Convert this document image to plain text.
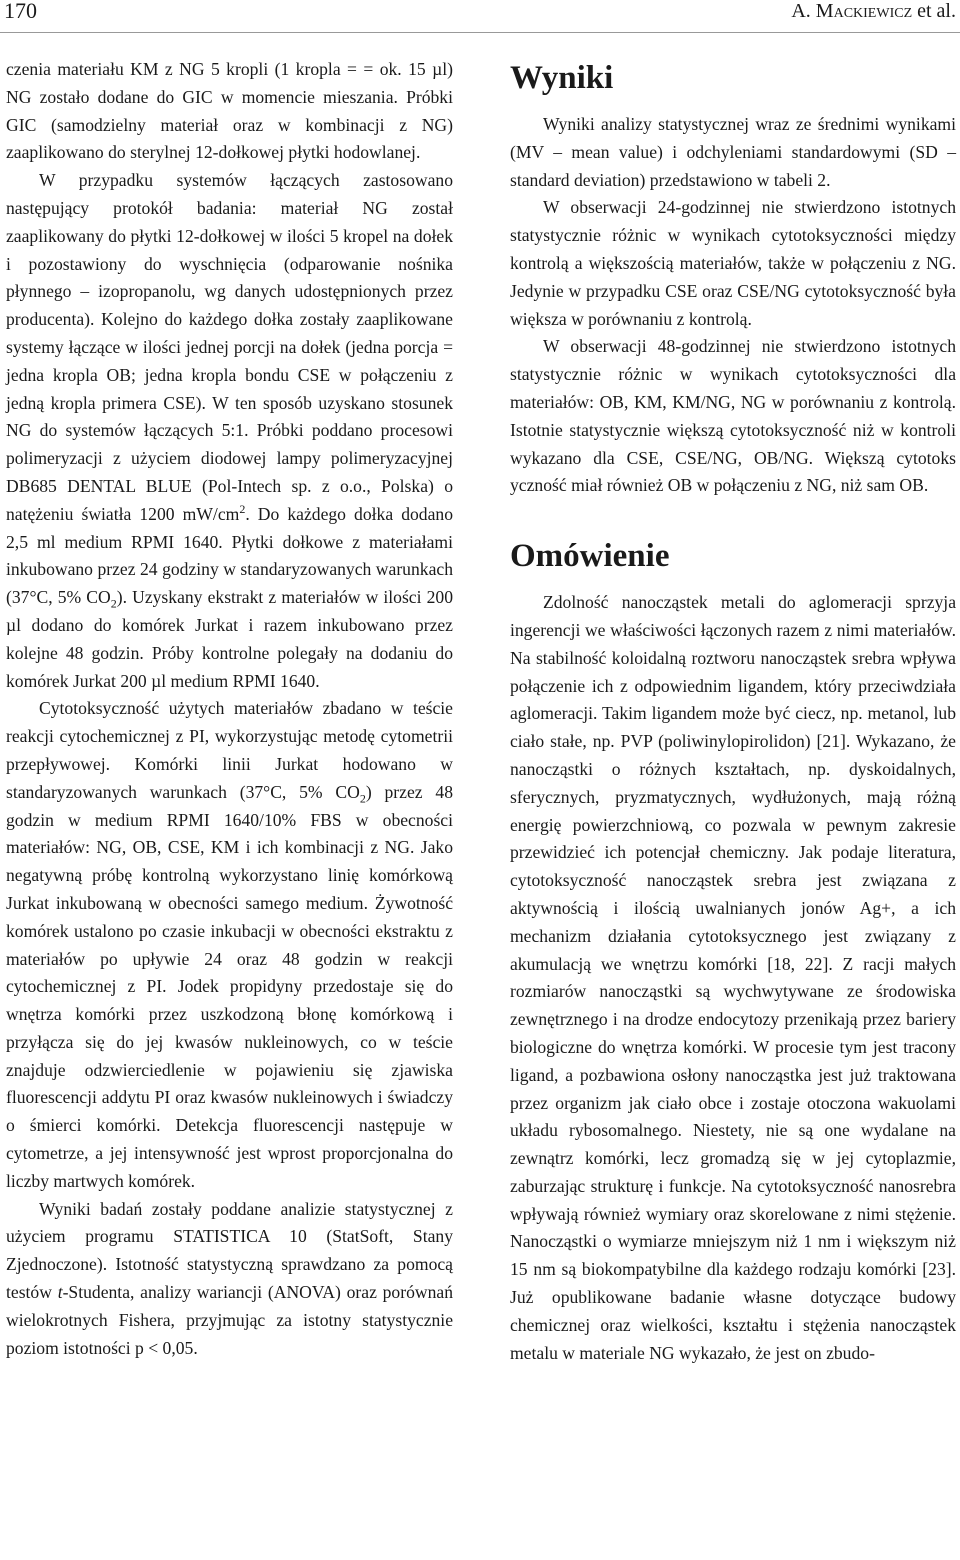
170	A. Mackiewicz et al.

czenia materiału KM z NG 5 kropli (1 kropla = = ok. 15 µl) NG zostało dodane do GIC w momencie mieszania. Próbki GIC (samodzielny materiał oraz w kombinacji z NG) zaaplikowano do sterylnej 12-dołkowej płytki hodowlanej.

W przypadku systemów łączących zastosowano następujący protokół badania: materiał NG został zaaplikowany do płytki 12-dołkowej w ilości 5 kropel na dołek i pozostawiony do wyschnięcia (odparowanie nośnika płynnego – izopropanolu, wg danych udostępnionych przez producenta). Kolejno do każdego dołka zostały zaaplikowane systemy łączące w ilości jednej porcji na dołek (jedna porcja = jedna kropla OB; jedna kropla bondu CSE w połączeniu z jedną kropla primera CSE). W ten sposób uzyskano stosunek NG do systemów łączących 5:1. Próbki poddano procesowi polimeryzacji z użyciem diodowej lampy polimeryzacyjnej DB685 DENTAL BLUE (Pol-Intech sp. z o.o., Polska) o natężeniu światła 1200 $mW/cm^2$. Do każdego dołka dodano 2,5 ml medium RPMI 1640. Płytki dołkowe z materiałami inkubowano przez 24 godziny w standaryzowanych warunkach (37°C, 5% $CO_2$). Uzyskany ekstrakt z materiałów w ilości 200 µl dodano do komórek Jurkat i razem inkubowano przez kolejne 48 godzin. Próby kontrolne polegały na dodaniu do komórek Jurkat 200 µl medium RPMI 1640.

Cytotoksyczność użytych materiałów zbadano w teście reakcji cytochemicznej z PI, wykorzystując metodę cytometrii przepływowej. Komórki linii Jurkat hodowano w standaryzowanych warunkach (37°C, 5% $CO_2$) przez 48 godzin w medium RPMI 1640/10% FBS w obecności materiałów: NG, OB, CSE, KM i ich kombinacji z NG. Jako negatywną próbę kontrolną wykorzystano linię komórkową Jurkat inkubowaną w obecności samego medium. Żywotność komórek ustalono po czasie inkubacji w obecności ekstraktu z materiałów po upływie 24 oraz 48 godzin w reakcji cytochemicznej z PI. Jodek propidyny przedostaje się do wnętrza komórki przez uszkodzoną błonę komórkową i przyłącza się do jej kwasów nukleinowych, co w teście znajduje odzwierciedlenie w pojawieniu się zjawiska fluorescencji addytu PI oraz kwasów nukleinowych i świadczy o śmierci komórki. Detekcja fluorescencji następuje w cytometrze, a jej intensywność jest wprost proporcjonalna do liczby martwych komórek.

Wyniki badań zostały poddane analizie statystycznej z użyciem programu STATISTICA 10 (StatSoft, Stany Zjednoczone). Istotność statystyczną sprawdzano za pomocą testów t-Studenta, analizy wariancji (ANOVA) oraz porównań wielokrotnych Fishera, przyjmując za istotny statystycznie poziom istotności p < 0,05.

Wyniki

Wyniki analizy statystycznej wraz ze średnimi wynikami (MV – mean value) i odchyleniami standardowymi (SD – standard deviation) przedstawiono w tabeli 2.

W obserwacji 24-godzinnej nie stwierdzono istotnych statystycznie różnic w wynikach cytotoksyczności między kontrolą a większością materiałów, także w połączeniu z NG. Jedynie w przypadku CSE oraz CSE/NG cytotoksyczność była większa w porównaniu z kontrolą.

W obserwacji 48-godzinnej nie stwierdzono istotnych statystycznie różnic w wynikach cytotoksyczności dla materiałów: OB, KM, KM/NG, NG w porównaniu z kontrolą. Istotnie statystycznie większą cytotoksyczność niż w kontroli wykazano dla CSE, CSE/NG, OB/NG. Większą cytotoks yczność miał również OB w połączeniu z NG, niż sam OB.

Omówienie

Zdolność nanocząstek metali do aglomeracji sprzyja ingerencji we właściwości łączonych razem z nimi materiałów. Na stabilność koloidalną roztworu nanocząstek srebra wpływa połączenie ich z odpowiednim ligandem, który przeciwdziała aglomeracji. Takim ligandem może być ciecz, np. metanol, lub ciało stałe, np. PVP (poliwinylopirolidon) [21]. Wykazano, że nanocząstki o różnych kształtach, np. dyskoidalnych, sferycznych, pryzmatycznych, wydłużonych, mają różną energię powierzchniową, co pozwala w pewnym zakresie przewidzieć ich potencjał chemiczny. Jak podaje literatura, cytotoksyczność nanocząstek srebra jest związana z aktywnością i ilością uwalnianych jonów Ag+, a ich mechanizm działania cytotoksycznego jest związany z akumulacją we wnętrzu komórki [18, 22]. Z racji małych rozmiarów nanocząstki są wychwytywane ze środowiska zewnętrznego i na drodze endocytozy przenikają przez bariery biologiczne do wnętrza komórki. W procesie tym jest tracony ligand, a pozbawiona osłony nanocząstka jest już traktowana przez organizm jak ciało obce i zostaje otoczona wakuolami układu rybosomalnego. Niestety, nie są one wydalane na zewnątrz komórki, lecz gromadzą się w jej cytoplazmie, zaburzając strukturę i funkcje. Na cytotoksyczność nanosrebra wpływają również wymiary oraz skorelowane z nimi stężenie. Nanocząstki o wymiarze mniejszym niż 1 nm i większym niż 15 nm są biokompatybilne dla każdego rodzaju komórki [23]. Już opublikowane badanie własne dotyczące budowy chemicznej oraz wielkości, kształtu i stężenia nanocząstek metalu w materiale NG wykazało, że jest on zbudo-
